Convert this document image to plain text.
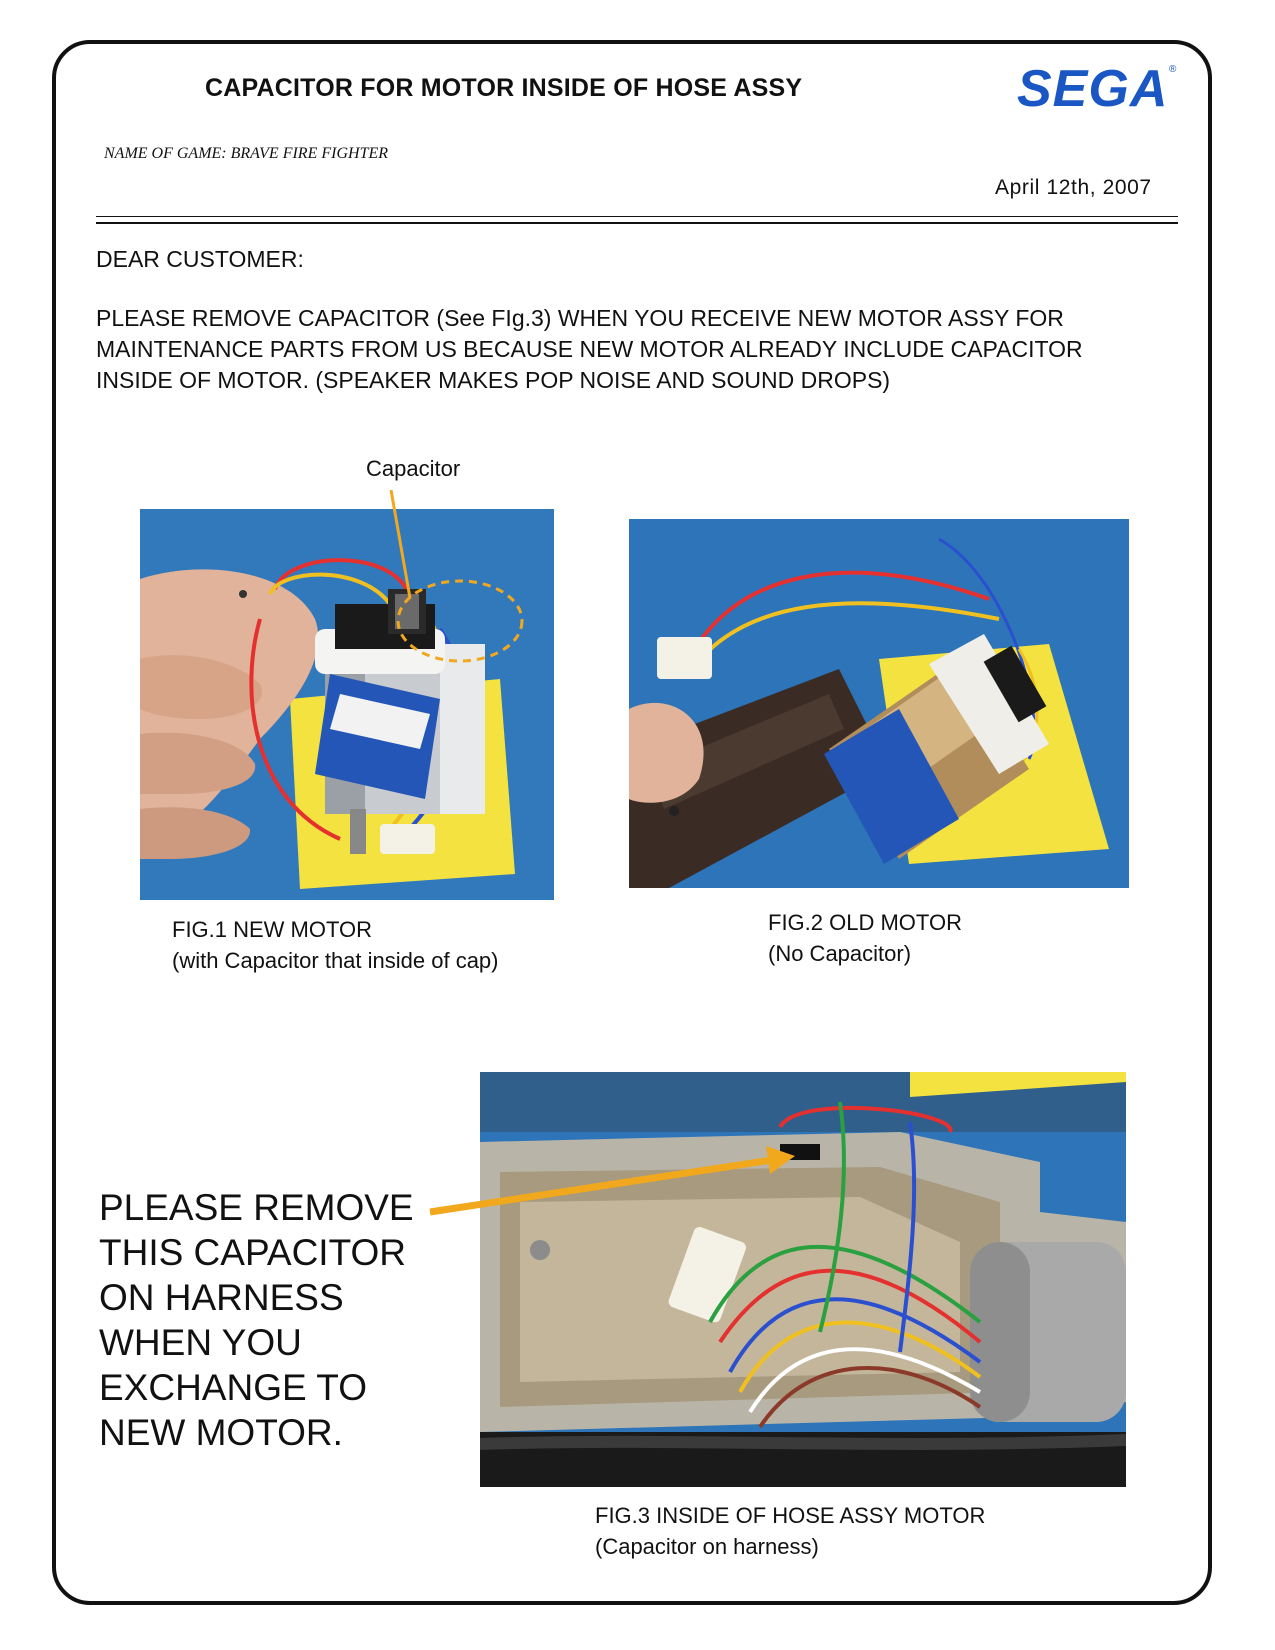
CAPACITOR FOR MOTOR INSIDE OF HOSE ASSY	SEGA ®
NAME OF GAME: BRAVE FIRE FIGHTER
April 12th, 2007
DEAR CUSTOMER:
PLEASE REMOVE CAPACITOR (See FIg.3) WHEN YOU RECEIVE NEW MOTOR ASSY FOR
MAINTENANCE PARTS FROM US BECAUSE NEW MOTOR ALREADY INCLUDE CAPACITOR
INSIDE OF MOTOR. (SPEAKER MAKES POP NOISE AND SOUND DROPS)
Capacitor
FIG.1 NEW MOTOR
(with Capacitor that inside of cap)
FIG.2 OLD MOTOR
(No Capacitor)
FIG.3 INSIDE OF HOSE ASSY MOTOR
(Capacitor on harness)
PLEASE REMOVE
THIS CAPACITOR
ON HARNESS
WHEN YOU
EXCHANGE TO
NEW MOTOR.
